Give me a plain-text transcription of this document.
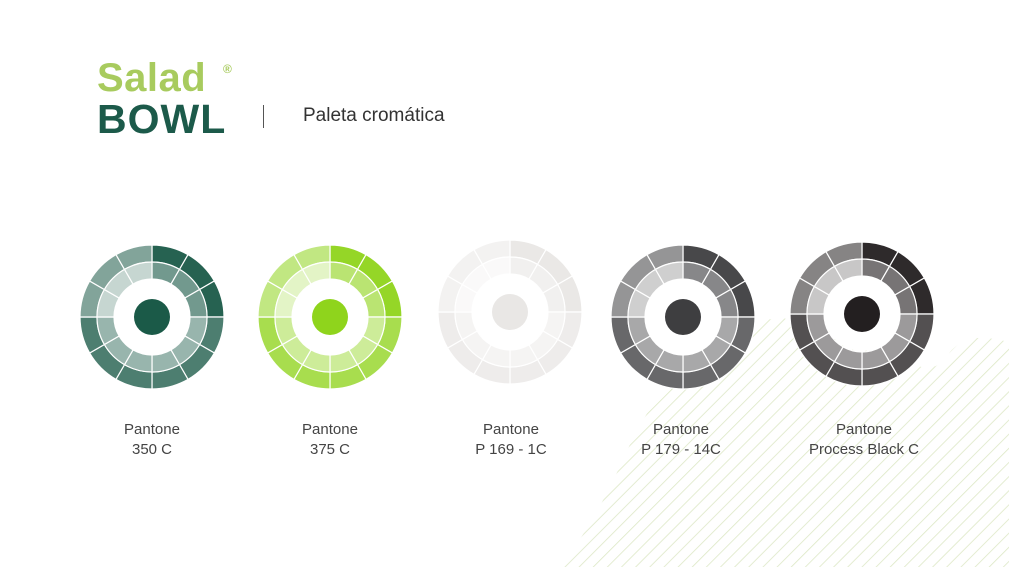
Salad ®
BOWL	Paleta cromática
Pantone
350 C
Pantone
375 C
Pantone
P 169 - 1C
Pantone
P 179 - 14C
Pantone
Process Black C
